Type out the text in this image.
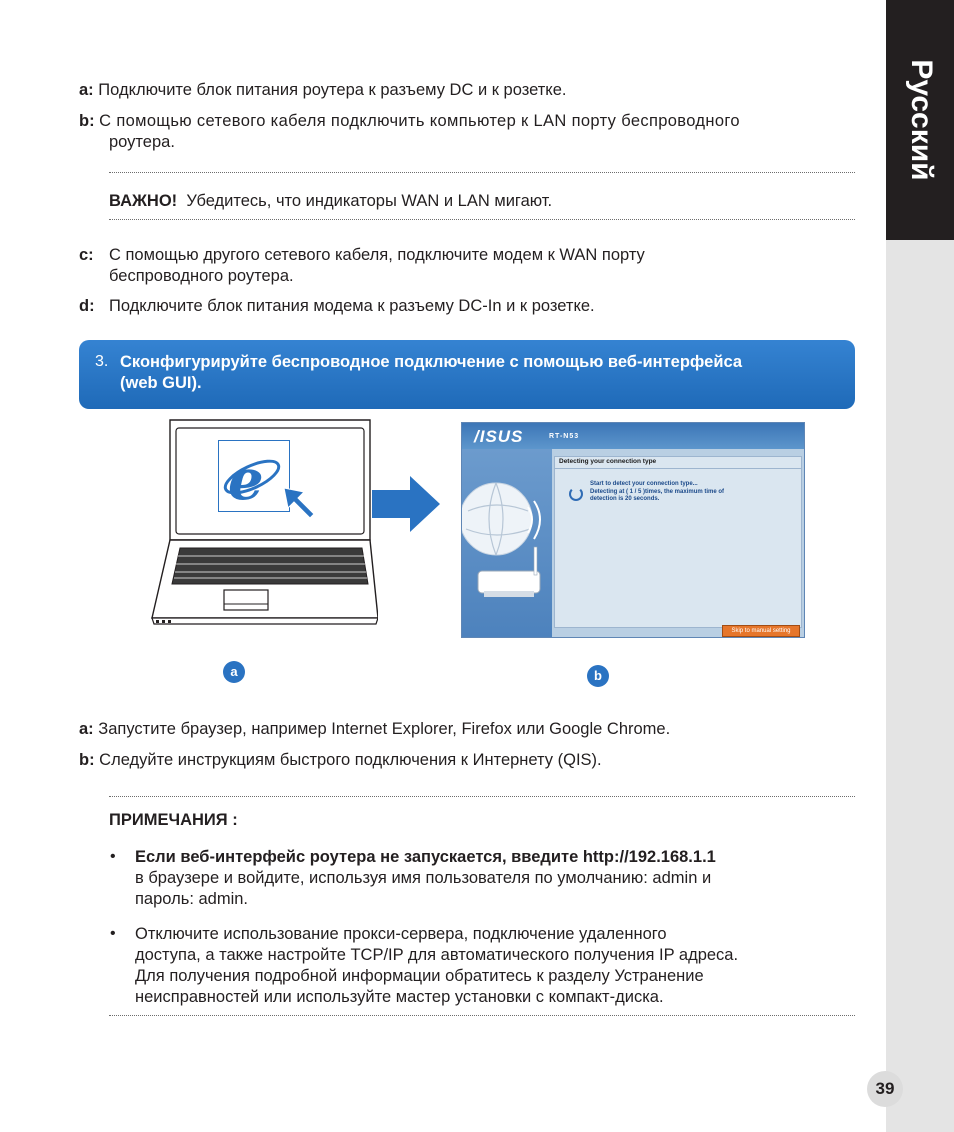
Русский
a: Подключите блок питания роутера к разъему DC и к розетке.
b: С помощью сетевого кабеля подключить компьютер к LAN порту беспроводного
роутера.
ВАЖНО! Убедитесь, что индикаторы WAN и LAN мигают.
c: С помощью другого сетевого кабеля, подключите модем к WAN порту
беспроводного роутера.
d: Подключите блок питания модема к разъему DC-In и к розетке.
3. Сконфигурируйте беспроводное подключение с помощью веб-интерфейса
(web GUI).
e
/ISUS	RT-N53
Detecting your connection type
Start to detect your connection type...
Detecting at ( 1 / 5 )times, the maximum time of
detection is 20 seconds.
Skip to manual setting
a	b
a: Запустите браузер, например Internet Explorer, Firefox или Google Chrome.
b: Следуйте инструкциям быстрого подключения к Интернету (QIS).
ПРИМЕЧАНИЯ :
• Если веб-интерфейс роутера не запускается, введите http://192.168.1.1
в браузере и войдите, используя имя пользователя по умолчанию: admin и
пароль: admin.
• Отключите использование прокси-сервера, подключение удаленного
доступа, а также настройте TCP/IP для автоматического получения IP адреса.
Для получения подробной информации обратитесь к разделу Устранение
неисправностей или используйте мастер установки с компакт-диска.
39
